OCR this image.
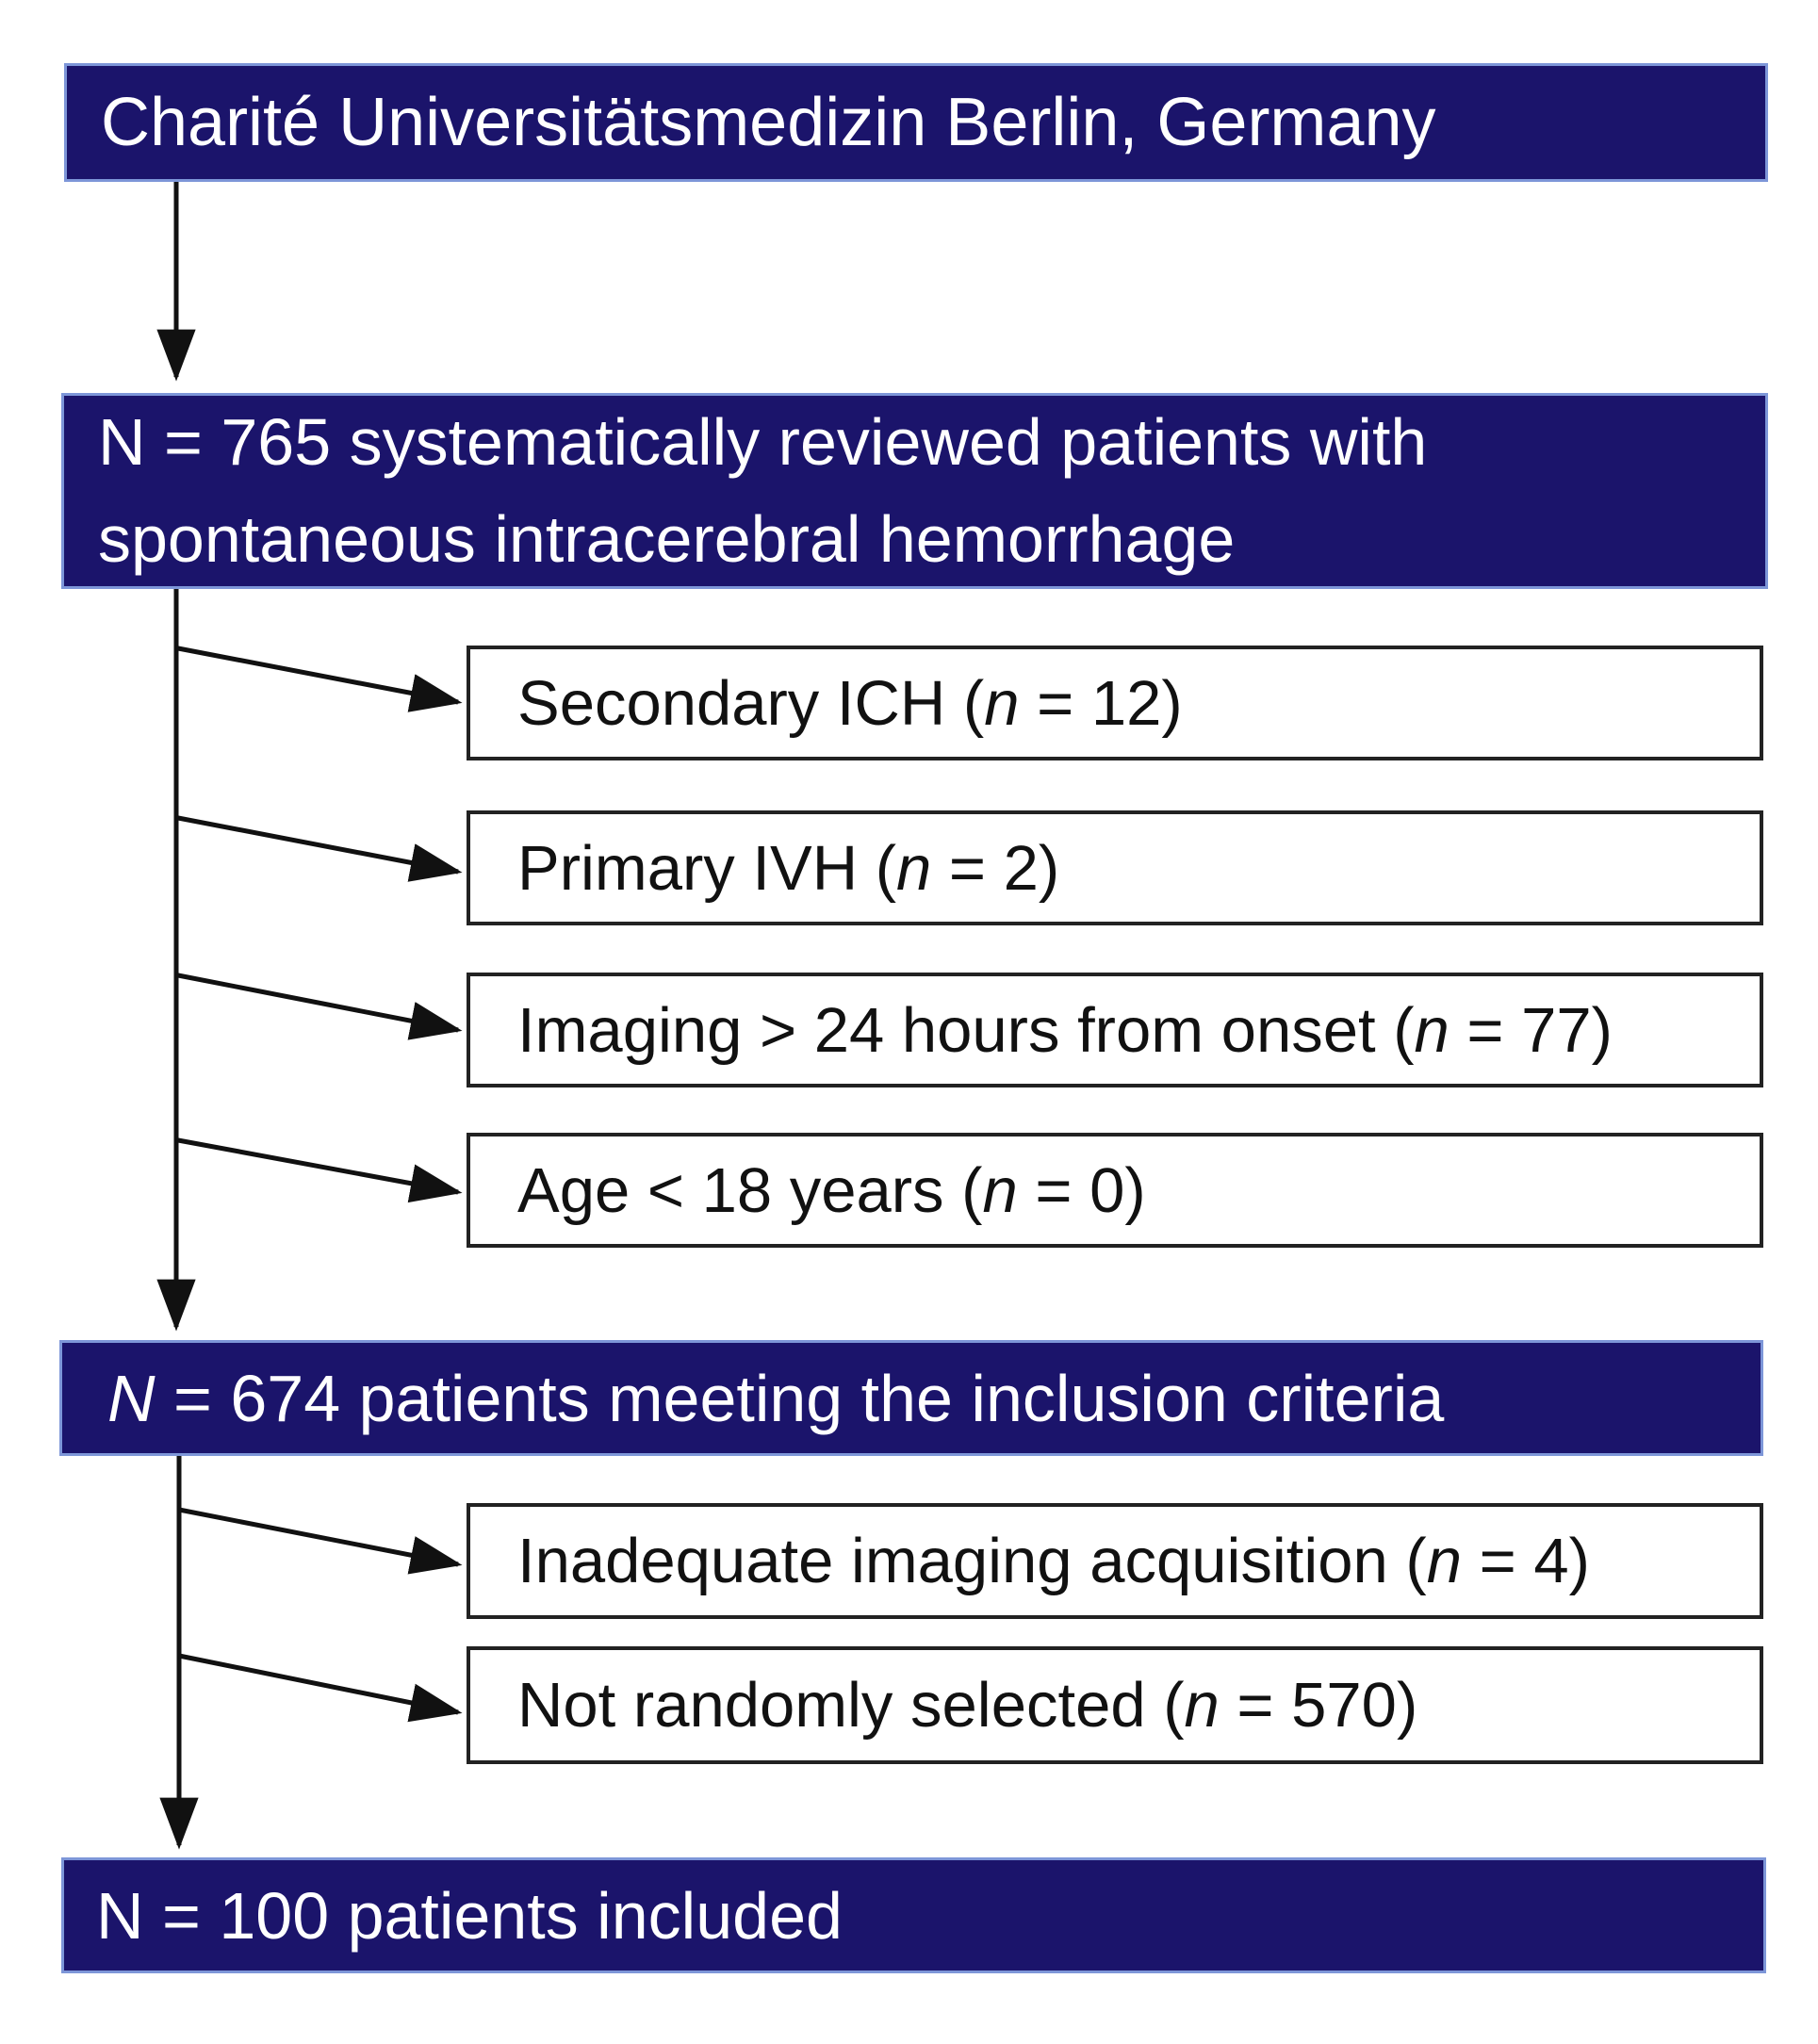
Charité Universitätsmedizin Berlin, Germany
N = 765 systematically reviewed patients with
spontaneous intracerebral hemorrhage
Secondary ICH (n = 12)
Primary IVH (n = 2)
Imaging > 24 hours from onset (n = 77)
Age < 18 years (n = 0)
N = 674 patients meeting the inclusion criteria
Inadequate imaging acquisition (n = 4)
Not randomly selected (n = 570)
N = 100 patients included
